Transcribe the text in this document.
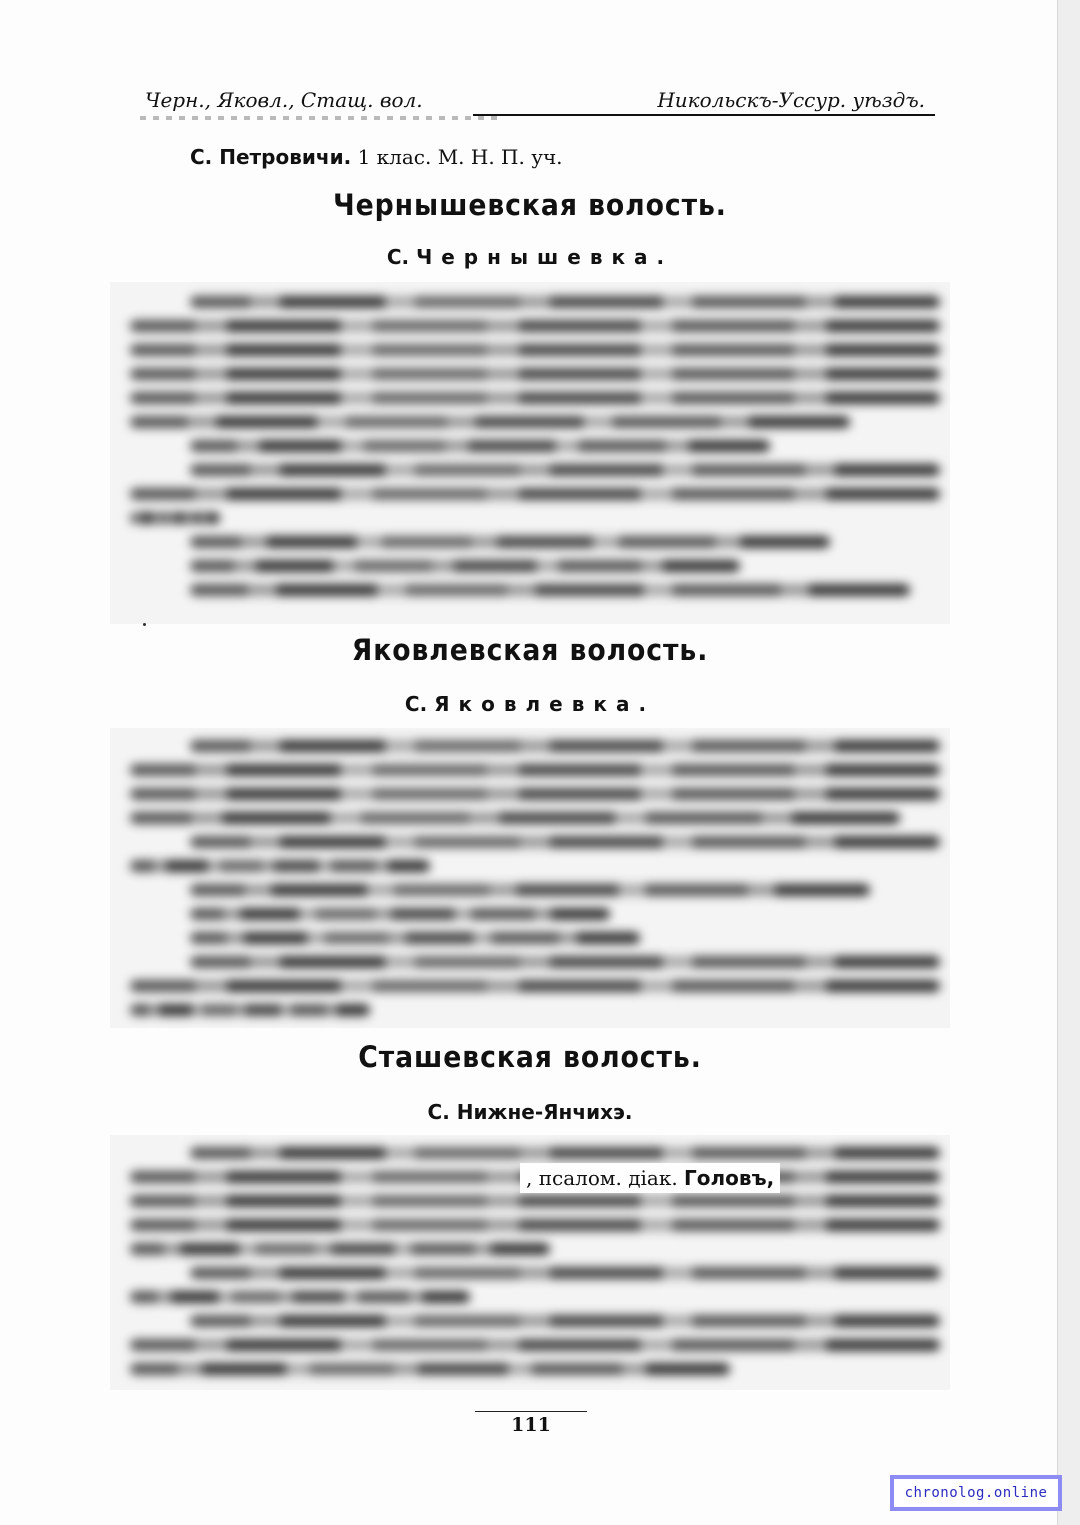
Черн., Яковл., Стащ. вол.	Никольскъ-Уссур. уѣздъ.

С. Петровичи. 1 клас. М. Н. П. уч.

Чернышевская волость.

С. Чернышевка.

Яковлевская волость.

С. Яковлевка.

Сташевская волость.

С. Нижне-Янчихэ.

, псалом. діак. Головъ,

111
chronolog.online
